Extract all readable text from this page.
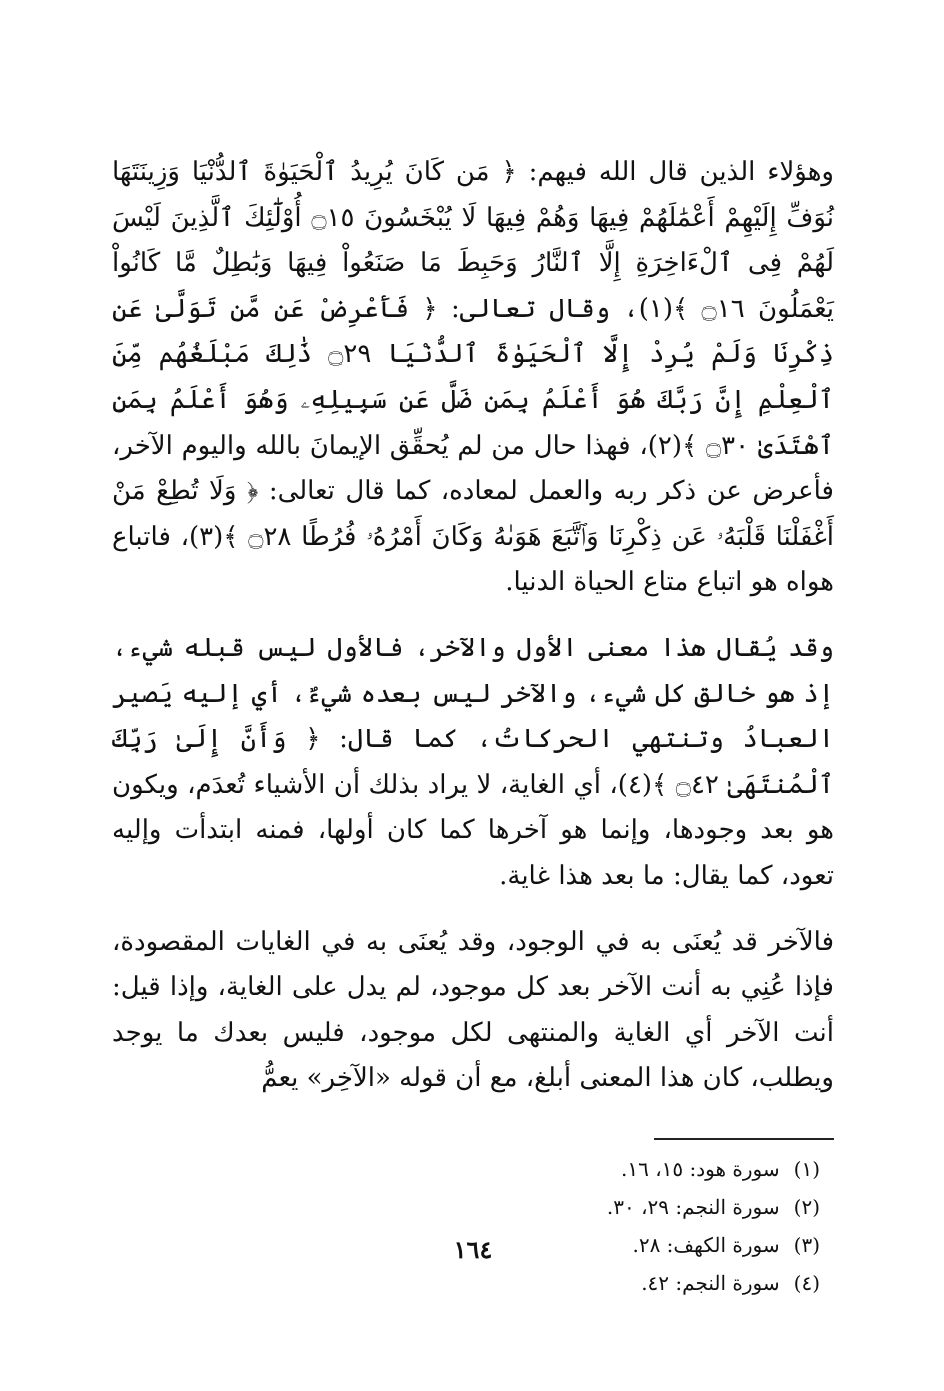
وهؤلاء الذين قال الله فيهم: ﴿ مَن كَانَ يُرِيدُ ٱلْحَيَوٰةَ ٱلدُّنْيَا وَزِينَتَهَا نُوَفِّ إِلَيْهِمْ أَعْمَٰلَهُمْ فِيهَا وَهُمْ فِيهَا لَا يُبْخَسُونَ ۝١٥ أُوْلَٰٓئِكَ ٱلَّذِينَ لَيْسَ لَهُمْ فِى ٱلْءَاخِرَةِ إِلَّا ٱلنَّارُ وَحَبِطَ مَا صَنَعُواْ فِيهَا وَبَٰطِلٌ مَّا كَانُواْ يَعْمَلُونَ ۝١٦ ﴾(١)، وقال تعالى: ﴿ فَأَعْرِضْ عَن مَّن تَوَلَّىٰ عَن ذِكْرِنَا وَلَمْ يُرِدْ إِلَّا ٱلْحَيَوٰةَ ٱلدُّنْيَا ۝٢٩ ذَٰلِكَ مَبْلَغُهُم مِّنَ ٱلْعِلْمِ إِنَّ رَبَّكَ هُوَ أَعْلَمُ بِمَن ضَلَّ عَن سَبِيلِهِۦ وَهُوَ أَعْلَمُ بِمَنِ ٱهْتَدَىٰ ۝٣٠ ﴾(٢)، فهذا حال من لم يُحقِّق الإيمانَ بالله واليوم الآخر، فأعرض عن ذكر ربه والعمل لمعاده، كما قال تعالى: ﴿ وَلَا تُطِعْ مَنْ أَغْفَلْنَا قَلْبَهُۥ عَن ذِكْرِنَا وَٱتَّبَعَ هَوَىٰهُ وَكَانَ أَمْرُهُۥ فُرُطًا ۝٢٨ ﴾(٣)، فاتباع هواه هو اتباع متاع الحياة الدنيا.

وقد يُقال هذا معنى الأول والآخر، فالأول ليس قبله شيء، إذ هو خالق كل شيء، والآخر ليس بعده شيءٌ، أي إليه يَصير العبادُ وتنتهي الحركاتُ، كما قال: ﴿ وَأَنَّ إِلَىٰ رَبِّكَ ٱلْمُنتَهَىٰ ۝٤٢ ﴾(٤)، أي الغاية، لا يراد بذلك أن الأشياء تُعدَم، ويكون هو بعد وجودها، وإنما هو آخرها كما كان أولها، فمنه ابتدأت وإليه تعود، كما يقال: ما بعد هذا غاية.

فالآخر قد يُعنَى به في الوجود، وقد يُعنَى به في الغايات المقصودة، فإذا عُنِي به أنت الآخر بعد كل موجود، لم يدل على الغاية، وإذا قيل: أنت الآخر أي الغاية والمنتهى لكل موجود، فليس بعدك ما يوجد ويطلب، كان هذا المعنى أبلغ، مع أن قوله «الآخِر» يعمُّ

(١)سورة هود: ١٥، ١٦.
(٢)سورة النجم: ٢٩، ٣٠.
(٣)سورة الكهف: ٢٨.
(٤)سورة النجم: ٤٢.
١٦٤
